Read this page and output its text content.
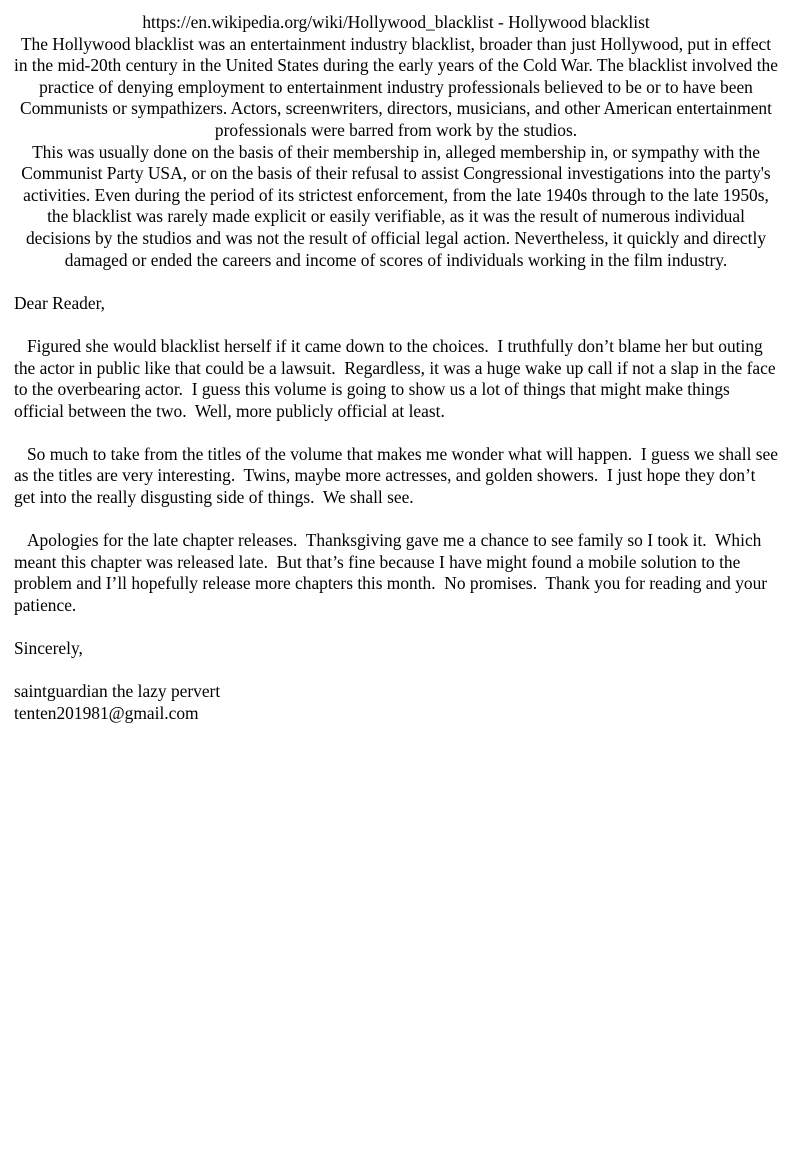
https://en.wikipedia.org/wiki/Hollywood_blacklist - Hollywood blacklist

The Hollywood blacklist was an entertainment industry blacklist, broader than just Hollywood, put in effect in the mid-20th century in the United States during the early years of the Cold War. The blacklist involved the practice of denying employment to entertainment industry professionals believed to be or to have been Communists or sympathizers. Actors, screenwriters, directors, musicians, and other American entertainment professionals were barred from work by the studios.

This was usually done on the basis of their membership in, alleged membership in, or sympathy with the Communist Party USA, or on the basis of their refusal to assist Congressional investigations into the party's activities. Even during the period of its strictest enforcement, from the late 1940s through to the late 1950s, the blacklist was rarely made explicit or easily verifiable, as it was the result of numerous individual decisions by the studios and was not the result of official legal action. Nevertheless, it quickly and directly damaged or ended the careers and income of scores of individuals working in the film industry.

Dear Reader,

Figured she would blacklist herself if it came down to the choices.  I truthfully don’t blame her but outing the actor in public like that could be a lawsuit.  Regardless, it was a huge wake up call if not a slap in the face to the overbearing actor.  I guess this volume is going to show us a lot of things that might make things official between the two.  Well, more publicly official at least.

So much to take from the titles of the volume that makes me wonder what will happen.  I guess we shall see as the titles are very interesting.  Twins, maybe more actresses, and golden showers.  I just hope they don’t get into the really disgusting side of things.  We shall see.

Apologies for the late chapter releases.  Thanksgiving gave me a chance to see family so I took it.  Which meant this chapter was released late.  But that’s fine because I have might found a mobile solution to the problem and I’ll hopefully release more chapters this month.  No promises.  Thank you for reading and your patience.

Sincerely,

saintguardian the lazy pervert

tenten201981@gmail.com
